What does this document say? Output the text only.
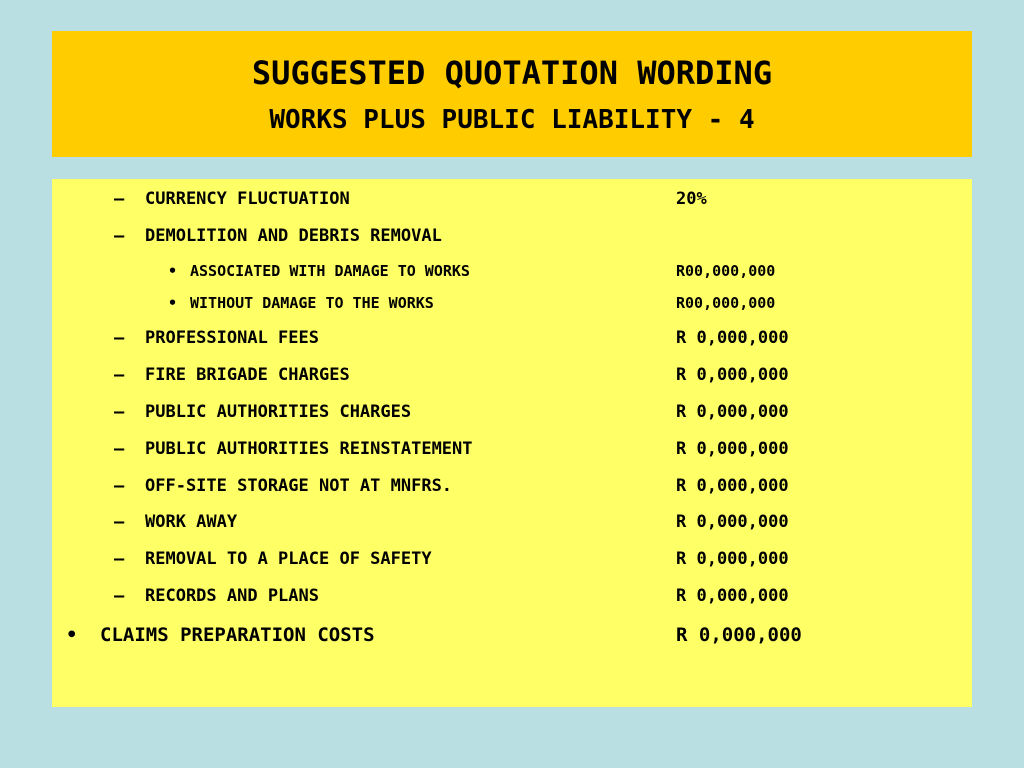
SUGGESTED QUOTATION WORDING
WORKS PLUS PUBLIC LIABILITY - 4
– CURRENCY FLUCTUATION	20%
– DEMOLITION AND DEBRIS REMOVAL
• ASSOCIATED WITH DAMAGE TO WORKS	R00,000,000
• WITHOUT DAMAGE TO THE WORKS	R00,000,000
– PROFESSIONAL FEES	R 0,000,000
– FIRE BRIGADE CHARGES	R 0,000,000
– PUBLIC AUTHORITIES CHARGES	R 0,000,000
– PUBLIC AUTHORITIES REINSTATEMENT	R 0,000,000
– OFF-SITE STORAGE NOT AT MNFRS.	R 0,000,000
– WORK AWAY	R 0,000,000
– REMOVAL TO A PLACE OF SAFETY	R 0,000,000
– RECORDS AND PLANS	R 0,000,000
• CLAIMS PREPARATION COSTS	R 0,000,000
